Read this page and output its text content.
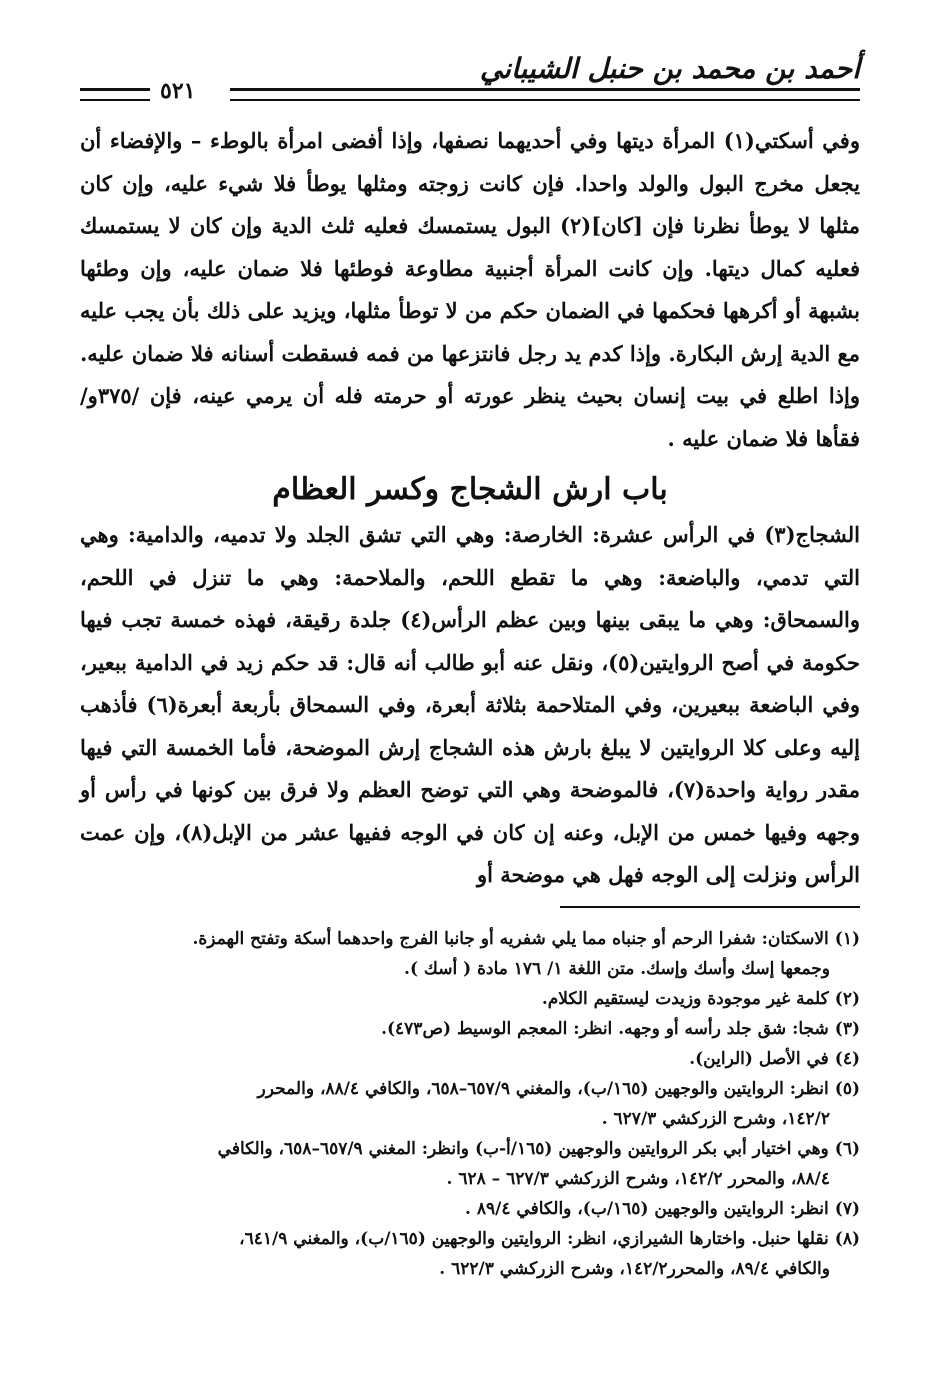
أحمد بن محمد بن حنبل الشيباني
٥٢١

وفي أسكتي(١) المرأة ديتها وفي أحديهما نصفها، وإذا أفضى امرأة بالوطء – والإفضاء أن يجعل مخرج البول والولد واحدا. فإن كانت زوجته ومثلها يوطأ فلا شيء عليه، وإن كان مثلها لا يوطأ نظرنا فإن [كان](٢) البول يستمسك فعليه ثلث الدية وإن كان لا يستمسك فعليه كمال ديتها. وإن كانت المرأة أجنبية مطاوعة فوطئها فلا ضمان عليه، وإن وطئها بشبهة أو أكرهها فحكمها في الضمان حكم من لا توطأ مثلها، ويزيد على ذلك بأن يجب عليه مع الدية إرش البكارة. وإذا كدم يد رجل فانتزعها من فمه فسقطت أسنانه فلا ضمان عليه. وإذا اطلع في بيت إنسان بحيث ينظر عورته أو حرمته فله أن يرمي عينه، فإن /٣٧٥و/ فقأها فلا ضمان عليه .

باب ارش الشجاج وكسر العظام

الشجاج(٣) في الرأس عشرة: الخارصة: وهي التي تشق الجلد ولا تدميه، والدامية: وهي التي تدمي، والباضعة: وهي ما تقطع اللحم، والملاحمة: وهي ما تنزل في اللحم، والسمحاق: وهي ما يبقى بينها وبين عظم الرأس(٤) جلدة رقيقة، فهذه خمسة تجب فيها حكومة في أصح الروايتين(٥)، ونقل عنه أبو طالب أنه قال: قد حكم زيد في الدامية ببعير، وفي الباضعة ببعيرين، وفي المتلاحمة بثلاثة أبعرة، وفي السمحاق بأربعة أبعرة(٦) فأذهب إليه وعلى كلا الروايتين لا يبلغ بارش هذه الشجاج إرش الموضحة، فأما الخمسة التي فيها مقدر رواية واحدة(٧)، فالموضحة وهي التي توضح العظم ولا فرق بين كونها في رأس أو وجهه وفيها خمس من الإبل، وعنه إن كان في الوجه ففيها عشر من الإبل(٨)، وإن عمت الرأس ونزلت إلى الوجه فهل هي موضحة أو

(١)الاسكتان: شفرا الرحم أو جنباه مما يلي شفريه أو جانبا الفرج واحدهما أسكة وتفتح الهمزة.
وجمعها إسك وأسك وإسك. متن اللغة ١/ ١٧٦ مادة ( أسك ).

(٢)كلمة غير موجودة وزيدت ليستقيم الكلام.

(٣)شجا: شق جلد رأسه أو وجهه. انظر: المعجم الوسيط (ص٤٧٣).

(٤)في الأصل (الراين).

(٥)انظر: الروايتين والوجهين (١٦٥/ب)، والمغني ٦٥٧/٩–٦٥٨، والكافي ٨٨/٤، والمحرر
١٤٢/٢، وشرح الزركشي ٦٢٧/٣ .

(٦)وهي اختيار أبي بكر الروايتين والوجهين (١٦٥/أ-ب) وانظر: المغني ٦٥٧/٩–٦٥٨، والكافي
٨٨/٤، والمحرر ١٤٢/٢، وشرح الزركشي ٦٢٧/٣ – ٦٢٨ .

(٧)انظر: الروايتين والوجهين (١٦٥/ب)، والكافي ٨٩/٤ .

(٨)نقلها حنبل. واختارها الشيرازي، انظر: الروايتين والوجهين (١٦٥/ب)، والمغني ٦٤١/٩،
والكافي ٨٩/٤، والمحرر١٤٢/٢، وشرح الزركشي ٦٢٢/٣ .
